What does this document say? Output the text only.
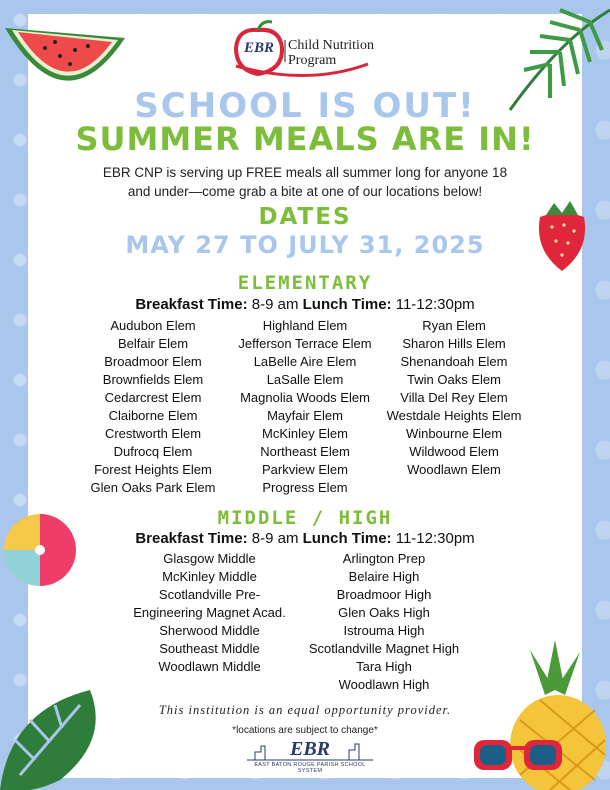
EBR Child Nutrition
Program
SCHOOL IS OUT!
SUMMER MEALS ARE IN!
EBR CNP is serving up FREE meals all summer long for anyone 18
and under—come grab a bite at one of our locations below!
DATES
MAY 27 TO JULY 31, 2025
ELEMENTARY
Breakfast Time: 8-9 am Lunch Time: 11-12:30pm
Audubon Elem
Belfair Elem
Broadmoor Elem
Brownfields Elem
Cedarcrest Elem
Claiborne Elem
Crestworth Elem
Dufrocq Elem
Forest Heights Elem
Glen Oaks Park Elem
Highland Elem
Jefferson Terrace Elem
LaBelle Aire Elem
LaSalle Elem
Magnolia Woods Elem
Mayfair Elem
McKinley Elem
Northeast Elem
Parkview Elem
Progress Elem
Ryan Elem
Sharon Hills Elem
Shenandoah Elem
Twin Oaks Elem
Villa Del Rey Elem
Westdale Heights Elem
Winbourne Elem
Wildwood Elem
Woodlawn Elem
MIDDLE / HIGH
Breakfast Time: 8-9 am Lunch Time: 11-12:30pm
Glasgow Middle
McKinley Middle
Scotlandville Pre-
Engineering Magnet Acad.
Sherwood Middle
Southeast Middle
Woodlawn Middle
Arlington Prep
Belaire High
Broadmoor High
Glen Oaks High
Istrouma High
Scotlandville Magnet High
Tara High
Woodlawn High
This institution is an equal opportunity provider.
*locations are subject to change*
EBR
EAST BATON ROUGE PARISH SCHOOL SYSTEM
